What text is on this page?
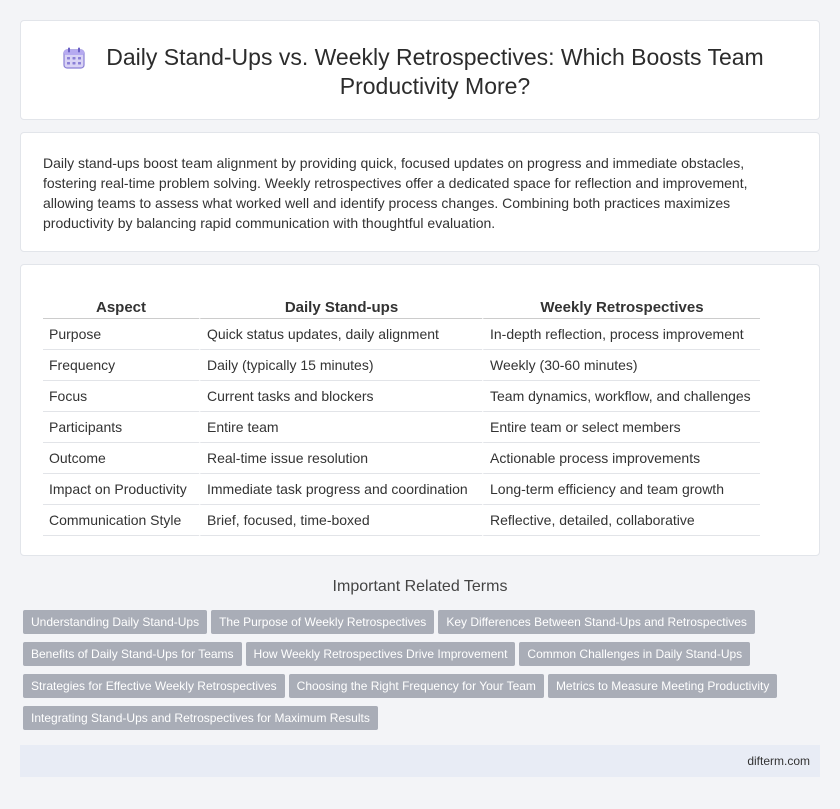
Daily Stand-Ups vs. Weekly Retrospectives: Which Boosts Team Productivity More?

Daily stand-ups boost team alignment by providing quick, focused updates on progress and immediate obstacles, fostering real-time problem solving. Weekly retrospectives offer a dedicated space for reflection and improvement, allowing teams to assess what worked well and identify process changes. Combining both practices maximizes productivity by balancing rapid communication with thoughtful evaluation.

Aspect	Daily Stand-ups	Weekly Retrospectives
Purpose	Quick status updates, daily alignment	In-depth reflection, process improvement
Frequency	Daily (typically 15 minutes)	Weekly (30-60 minutes)
Focus	Current tasks and blockers	Team dynamics, workflow, and challenges
Participants	Entire team	Entire team or select members
Outcome	Real-time issue resolution	Actionable process improvements
Impact on Productivity	Immediate task progress and coordination	Long-term efficiency and team growth
Communication Style	Brief, focused, time-boxed	Reflective, detailed, collaborative
Important Related Terms
Understanding Daily Stand-Ups The Purpose of Weekly Retrospectives Key Differences Between Stand-Ups and RetrospectivesBenefits of Daily Stand-Ups for Teams How Weekly Retrospectives Drive Improvement Common Challenges in Daily Stand-UpsStrategies for Effective Weekly Retrospectives Choosing the Right Frequency for Your Team Metrics to Measure Meeting ProductivityIntegrating Stand-Ups and Retrospectives for Maximum Results
difterm.com
